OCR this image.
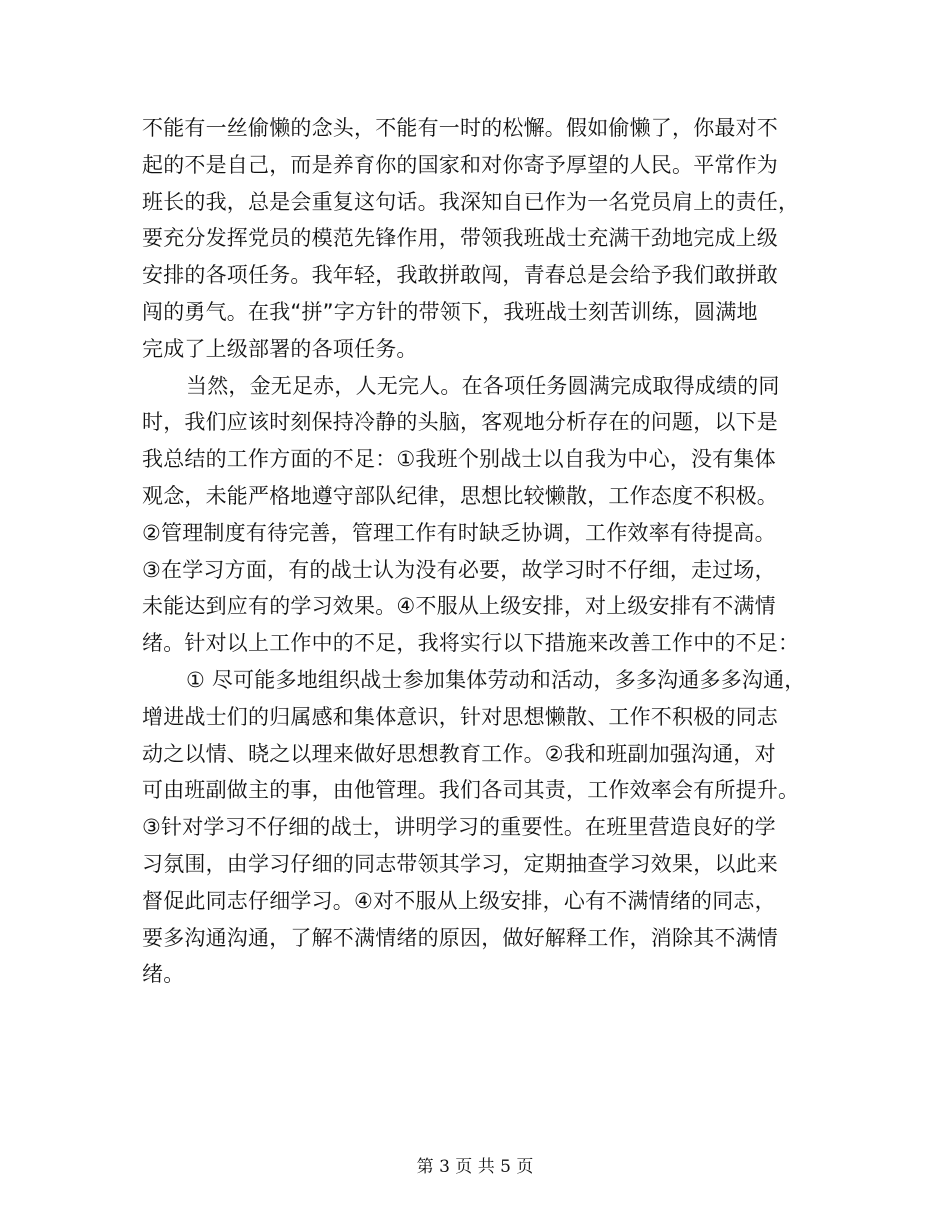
不能有一丝偷懒的念头，不能有一时的松懈。假如偷懒了，你最对不
起的不是自己，而是养育你的国家和对你寄予厚望的人民。平常作为
班长的我，总是会重复这句话。我深知自已作为一名党员肩上的责任，
要充分发挥党员的模范先锋作用，带领我班战士充满干劲地完成上级
安排的各项任务。我年轻，我敢拼敢闯，青春总是会给予我们敢拼敢
闯的勇气。在我“拼”字方针的带领下，我班战士刻苦训练，圆满地
完成了上级部署的各项任务。
当然，金无足赤，人无完人。在各项任务圆满完成取得成绩的同
时，我们应该时刻保持冷静的头脑，客观地分析存在的问题，以下是
我总结的工作方面的不足：①我班个别战士以自我为中心，没有集体
观念，未能严格地遵守部队纪律，思想比较懒散，工作态度不积极。
②管理制度有待完善，管理工作有时缺乏协调，工作效率有待提高。
③在学习方面，有的战士认为没有必要，故学习时不仔细，走过场，
未能达到应有的学习效果。④不服从上级安排，对上级安排有不满情
绪。针对以上工作中的不足，我将实行以下措施来改善工作中的不足：
① 尽可能多地组织战士参加集体劳动和活动，多多沟通多多沟通，
增进战士们的归属感和集体意识，针对思想懒散、工作不积极的同志
动之以情、晓之以理来做好思想教育工作。②我和班副加强沟通，对
可由班副做主的事，由他管理。我们各司其责，工作效率会有所提升。
③针对学习不仔细的战士，讲明学习的重要性。在班里营造良好的学
习氛围，由学习仔细的同志带领其学习，定期抽查学习效果，以此来
督促此同志仔细学习。④对不服从上级安排，心有不满情绪的同志，
要多沟通沟通，了解不满情绪的原因，做好解释工作，消除其不满情
绪。
第 3 页 共 5 页
